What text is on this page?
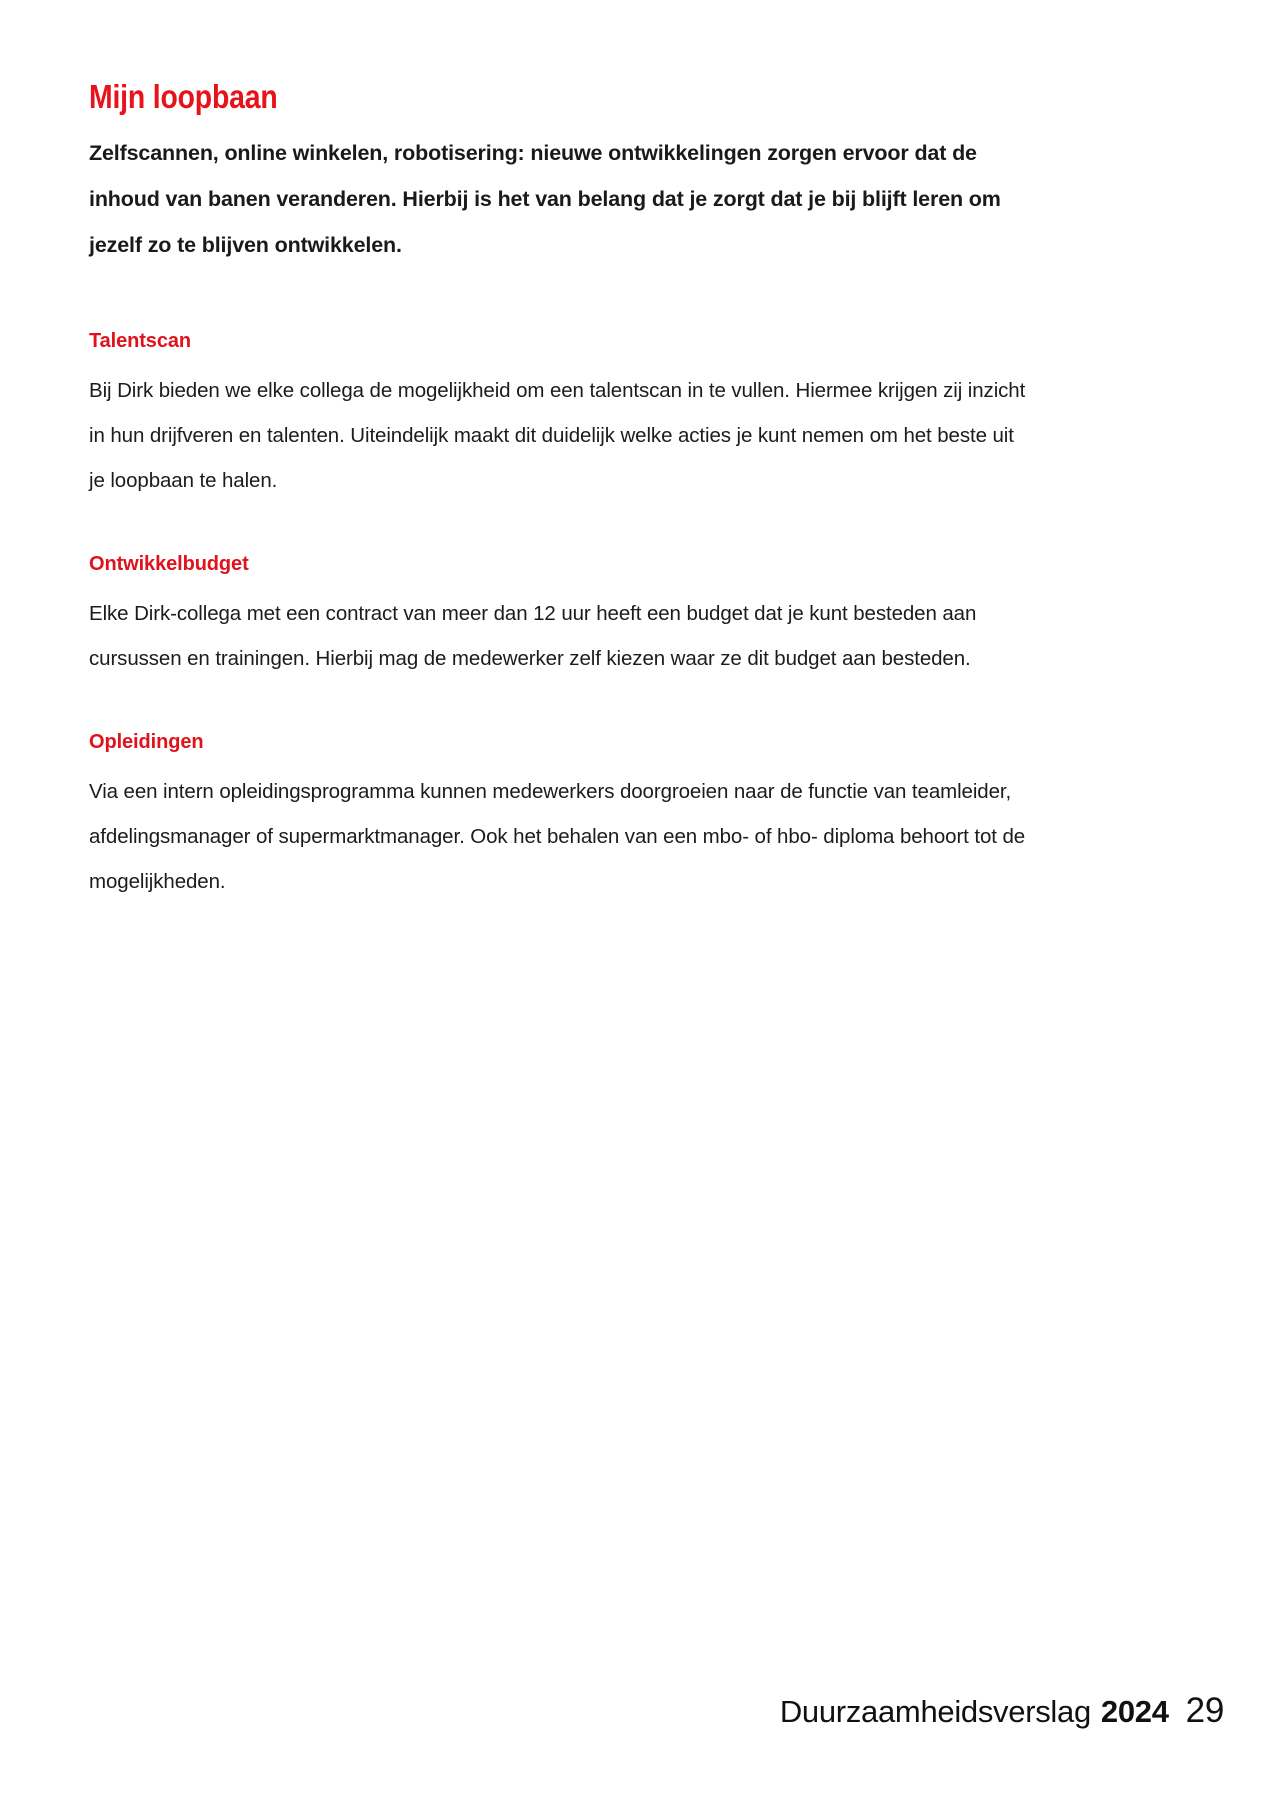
Mijn loopbaan

Zelfscannen, online winkelen, robotisering: nieuwe ontwikkelingen zorgen ervoor dat de inhoud van banen veranderen. Hierbij is het van belang dat je zorgt dat je bij blijft leren om jezelf zo te blijven ontwikkelen.

Talentscan

Bij Dirk bieden we elke collega de mogelijkheid om een talentscan in te vullen. Hiermee krijgen zij inzicht in hun drijfveren en talenten. Uiteindelijk maakt dit duidelijk welke acties je kunt nemen om het beste uit je loopbaan te halen.

Ontwikkelbudget

Elke Dirk-collega met een contract van meer dan 12 uur heeft een budget dat je kunt besteden aan cursussen en trainingen. Hierbij mag de medewerker zelf kiezen waar ze dit budget aan besteden.

Opleidingen

Via een intern opleidingsprogramma kunnen medewerkers doorgroeien naar de functie van teamleider, afdelingsmanager of supermarktmanager. Ook het behalen van een mbo- of hbo- diploma behoort tot de mogelijkheden.

Duurzaamheidsverslag 2024 29
